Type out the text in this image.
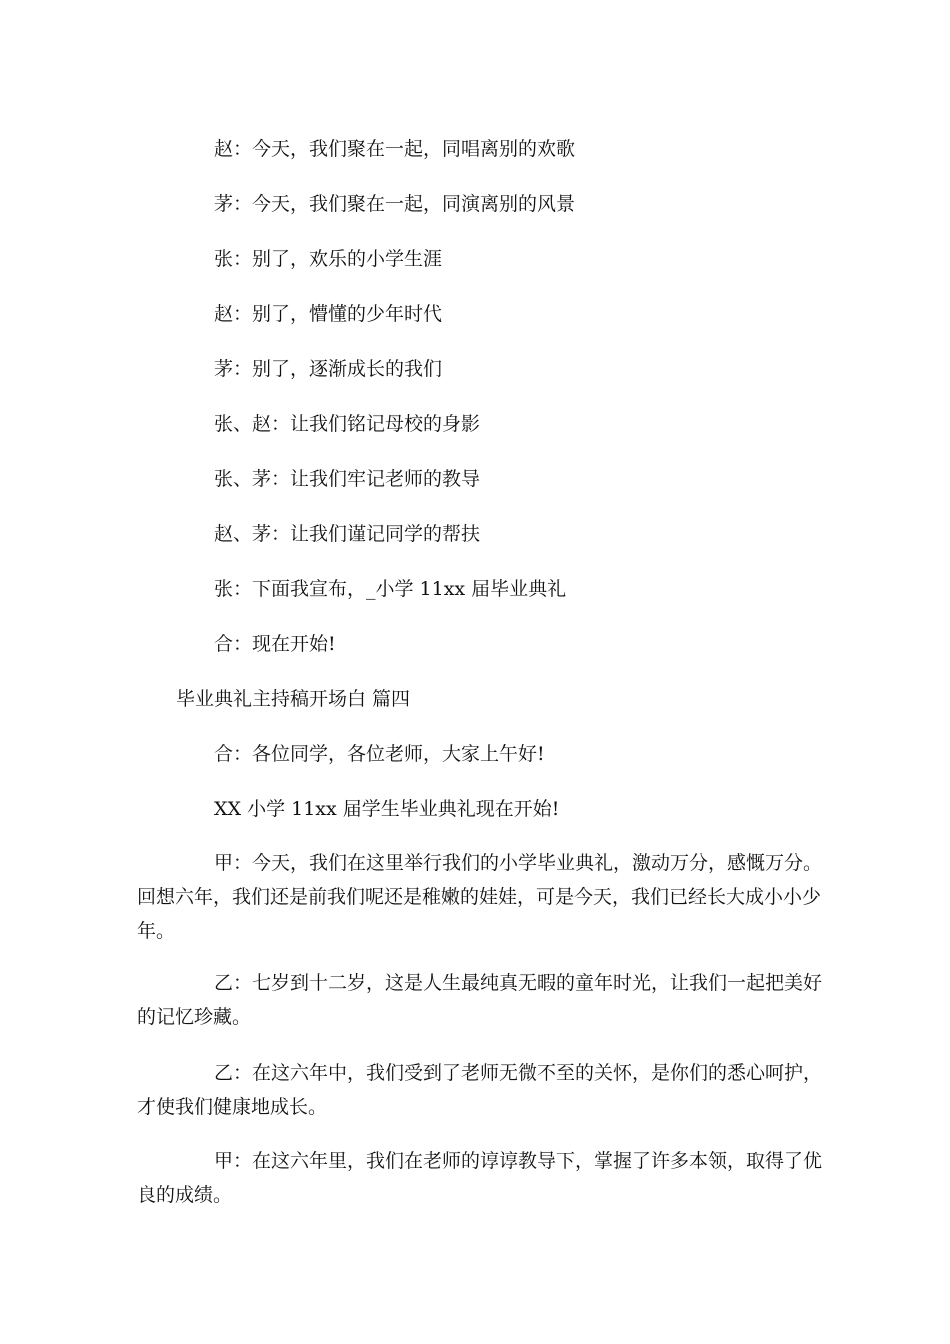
赵：今天，我们聚在一起，同唱离别的欢歌

茅：今天，我们聚在一起，同演离别的风景

张：别了，欢乐的小学生涯

赵：别了，懵懂的少年时代

茅：别了，逐渐成长的我们

张、赵：让我们铭记母校的身影

张、茅：让我们牢记老师的教导

赵、茅：让我们谨记同学的帮扶

张：下面我宣布，_小学 11xx 届毕业典礼

合：现在开始!

毕业典礼主持稿开场白 篇四

合：各位同学，各位老师，大家上午好!

XX 小学 11xx 届学生毕业典礼现在开始!

甲：今天，我们在这里举行我们的小学毕业典礼，激动万分，感慨万分。回想六年，我们还是前我们呢还是稚嫩的娃娃，可是今天，我们已经长大成小小少年。

乙：七岁到十二岁，这是人生最纯真无暇的童年时光，让我们一起把美好的记忆珍藏。

乙：在这六年中，我们受到了老师无微不至的关怀，是你们的悉心呵护，才使我们健康地成长。

甲：在这六年里，我们在老师的谆谆教导下，掌握了许多本领，取得了优良的成绩。
